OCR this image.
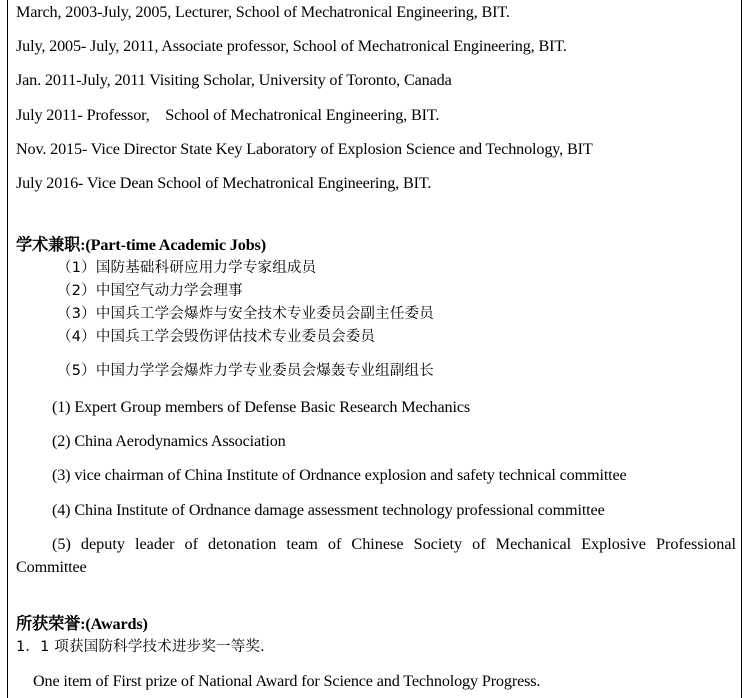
March, 2003-July, 2005, Lecturer, School of Mechatronical Engineering, BIT.
July, 2005- July, 2011, Associate professor, School of Mechatronical Engineering, BIT.
Jan. 2011-July, 2011 Visiting Scholar, University of Toronto, Canada
July 2011- Professor,    School of Mechatronical Engineering, BIT.
Nov. 2015- Vice Director State Key Laboratory of Explosion Science and Technology, BIT
July 2016- Vice Dean School of Mechatronical Engineering, BIT.
学术兼职:(Part-time Academic Jobs)
（1）国防基础科研应用力学专家组成员
（2）中国空气动力学会理事
（3）中国兵工学会爆炸与安全技术专业委员会副主任委员
（4）中国兵工学会毁伤评估技术专业委员会委员
（5）中国力学学会爆炸力学专业委员会爆轰专业组副组长
(1) Expert Group members of Defense Basic Research Mechanics
(2) China Aerodynamics Association
(3) vice chairman of China Institute of Ordnance explosion and safety technical committee
(4) China Institute of Ordnance damage assessment technology professional committee
(5) deputy leader of detonation team of Chinese Society of Mechanical Explosive Professional
Committee
所获荣誉:(Awards)
1．1 项获国防科学技术进步奖一等奖.
One item of First prize of National Award for Science and Technology Progress.
